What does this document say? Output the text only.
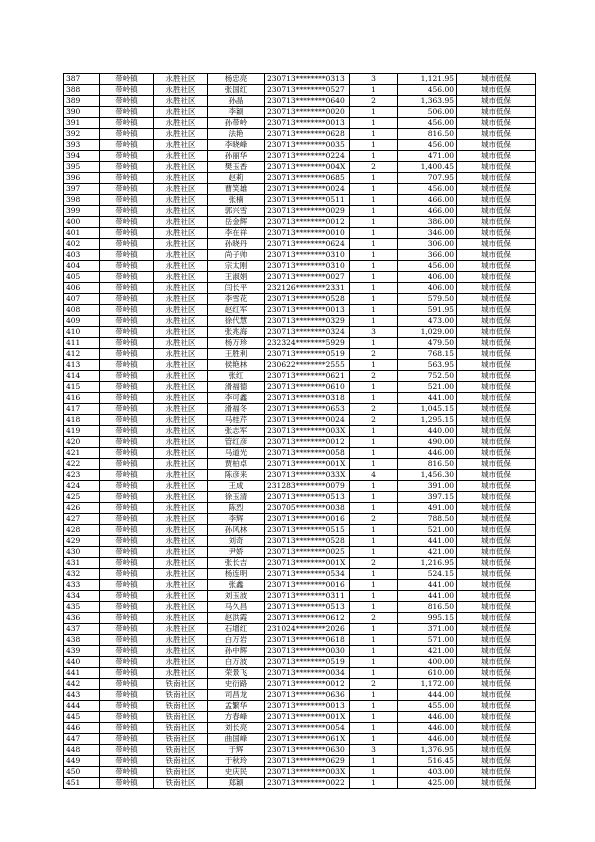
387	带岭镇	永胜社区	杨忠亮	230713********0313	3	1,121.95	城市低保
388	带岭镇	永胜社区	张国红	230713********0527	1	456.00	城市低保
389	带岭镇	永胜社区	孙晶	230713********0640	2	1,363.95	城市低保
390	带岭镇	永胜社区	李颖	230713********0020	1	506.00	城市低保
391	带岭镇	永胜社区	孙带岭	230713********0013	1	456.00	城市低保
392	带岭镇	永胜社区	法艳	230713********0628	1	816.50	城市低保
393	带岭镇	永胜社区	李晓峰	230713********0035	1	456.00	城市低保
394	带岭镇	永胜社区	孙丽华	230713********0224	1	471.00	城市低保
395	带岭镇	永胜社区	樊玉香	230713********004X	2	1,400.45	城市低保
396	带岭镇	永胜社区	赵莉	230713********0685	1	707.95	城市低保
397	带岭镇	永胜社区	曹笑雄	230713********0024	1	456.00	城市低保
398	带岭镇	永胜社区	张楠	230713********0511	1	466.00	城市低保
399	带岭镇	永胜社区	郭兴雪	230713********0029	1	466.00	城市低保
400	带岭镇	永胜社区	岳金辉	230713********0012	1	386.00	城市低保
401	带岭镇	永胜社区	李在祥	230713********0010	1	346.00	城市低保
402	带岭镇	永胜社区	孙晓丹	230713********0624	1	306.00	城市低保
403	带岭镇	永胜社区	尚子帅	230713********0310	1	366.00	城市低保
404	带岭镇	永胜社区	宗太刚	230713********0310	1	456.00	城市低保
405	带岭镇	永胜社区	王淑娟	230713********0027	1	406.00	城市低保
406	带岭镇	永胜社区	闫长平	232126********2331	1	406.00	城市低保
407	带岭镇	永胜社区	李雪花	230713********0528	1	579.50	城市低保
408	带岭镇	永胜社区	赵红军	230713********0013	1	591.95	城市低保
409	带岭镇	永胜社区	徐代慧	230713********0329	1	473.00	城市低保
410	带岭镇	永胜社区	张兆海	230713********0324	3	1,029.00	城市低保
411	带岭镇	永胜社区	杨万珍	232324********5929	1	479.50	城市低保
412	带岭镇	永胜社区	王胜利	230713********0519	2	768.15	城市低保
413	带岭镇	永胜社区	侯艳林	230622********2555	1	563.95	城市低保
414	带岭镇	永胜社区	张红	230713********0621	2	752.50	城市低保
415	带岭镇	永胜社区	滑福德	230713********0610	1	521.00	城市低保
416	带岭镇	永胜社区	李可鑫	230713********0318	1	441.00	城市低保
417	带岭镇	永胜社区	滑福冬	230713********0653	2	1,045.15	城市低保
418	带岭镇	永胜社区	马桂芹	230713********0024	2	1,295.15	城市低保
419	带岭镇	永胜社区	张志军	230713********003X	1	440.00	城市低保
420	带岭镇	永胜社区	管红彦	230713********0012	1	490.00	城市低保
421	带岭镇	永胜社区	马道光	230713********0058	1	446.00	城市低保
422	带岭镇	永胜社区	贾柏卓	230713********001X	1	816.50	城市低保
423	带岭镇	永胜社区	陈彦来	230713********033X	4	1,456.30	城市低保
424	带岭镇	永胜社区	王成	231283********0079	1	391.00	城市低保
425	带岭镇	永胜社区	徐玉清	230713********0513	1	397.15	城市低保
426	带岭镇	永胜社区	陈烈	230705********0038	1	491.00	城市低保
427	带岭镇	永胜社区	李辉	230713********0016	2	788.50	城市低保
428	带岭镇	永胜社区	孙风林	230713********0515	1	521.00	城市低保
429	带岭镇	永胜社区	刘奇	230713********0528	1	441.00	城市低保
430	带岭镇	永胜社区	尹娇	230713********0025	1	421.00	城市低保
431	带岭镇	永胜社区	张长吉	230713********001X	2	1,216.95	城市低保
432	带岭镇	永胜社区	杨连明	230713********0534	1	524.15	城市低保
433	带岭镇	永胜社区	张鑫	230713********0016	1	441.00	城市低保
434	带岭镇	永胜社区	刘玉波	230713********0311	1	441.00	城市低保
435	带岭镇	永胜社区	马久昌	230713********0513	1	816.50	城市低保
436	带岭镇	永胜社区	赵洪霞	230713********0612	2	995.15	城市低保
437	带岭镇	永胜社区	石增红	231024********2026	1	371.00	城市低保
438	带岭镇	永胜社区	白万岩	230713********0618	1	571.00	城市低保
439	带岭镇	永胜社区	孙中辉	230713********0030	1	421.00	城市低保
440	带岭镇	永胜社区	白万波	230713********0519	1	400.00	城市低保
441	带岭镇	永胜社区	荣景飞	230713********0034	1	610.00	城市低保
442	带岭镇	铁南社区	史衍路	230713********0012	2	1,172.00	城市低保
443	带岭镇	铁南社区	司昌龙	230713********0636	1	444.00	城市低保
444	带岭镇	铁南社区	孟繁华	230713********0013	1	455.00	城市低保
445	带岭镇	铁南社区	方春峰	230713********001X	1	446.00	城市低保
446	带岭镇	铁南社区	刘长亮	230713********0054	1	446.00	城市低保
447	带岭镇	铁南社区	曲国峰	230713********061X	1	446.00	城市低保
448	带岭镇	铁南社区	于辉	230713********0630	3	1,376.95	城市低保
449	带岭镇	铁南社区	于秋玲	230713********0629	1	516.45	城市低保
450	带岭镇	铁南社区	史庆民	230713********003X	1	403.00	城市低保
451	带岭镇	铁南社区	郑颖	230713********0022	1	425.00	城市低保
